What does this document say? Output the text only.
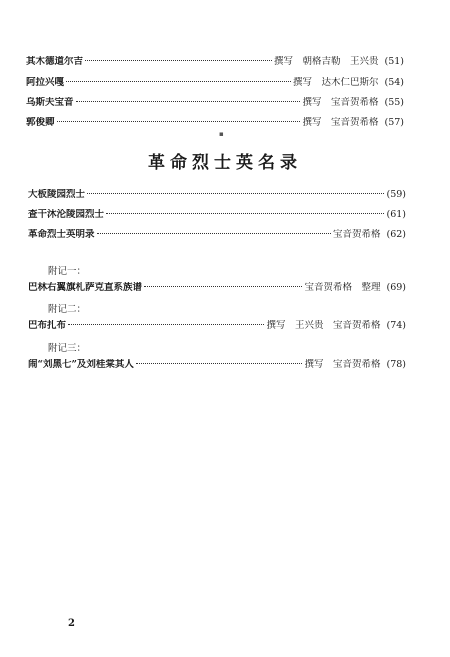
其木德道尔吉	撰写　朝格吉勒　王兴贵 (51)
阿拉兴嘎	撰写　达木仁巴斯尔 (54)
乌斯夫宝音	撰写　宝音贺希格 (55)
郭俊卿	撰写　宝音贺希格 (57)
▪
革命烈士英名录
大板陵园烈士	(59)
查干沐沦陵园烈士	(61)
革命烈士英明录	宝音贺希格 (62)
附记一：
巴林右翼旗札萨克直系族谱	宝音贺希格　整理 (69)
附记二：
巴布扎布	撰写　王兴贵　宝音贺希格 (74)
附记三：
闹“刘黑七”及刘桂棠其人	撰写　宝音贺希格 (78)
2
